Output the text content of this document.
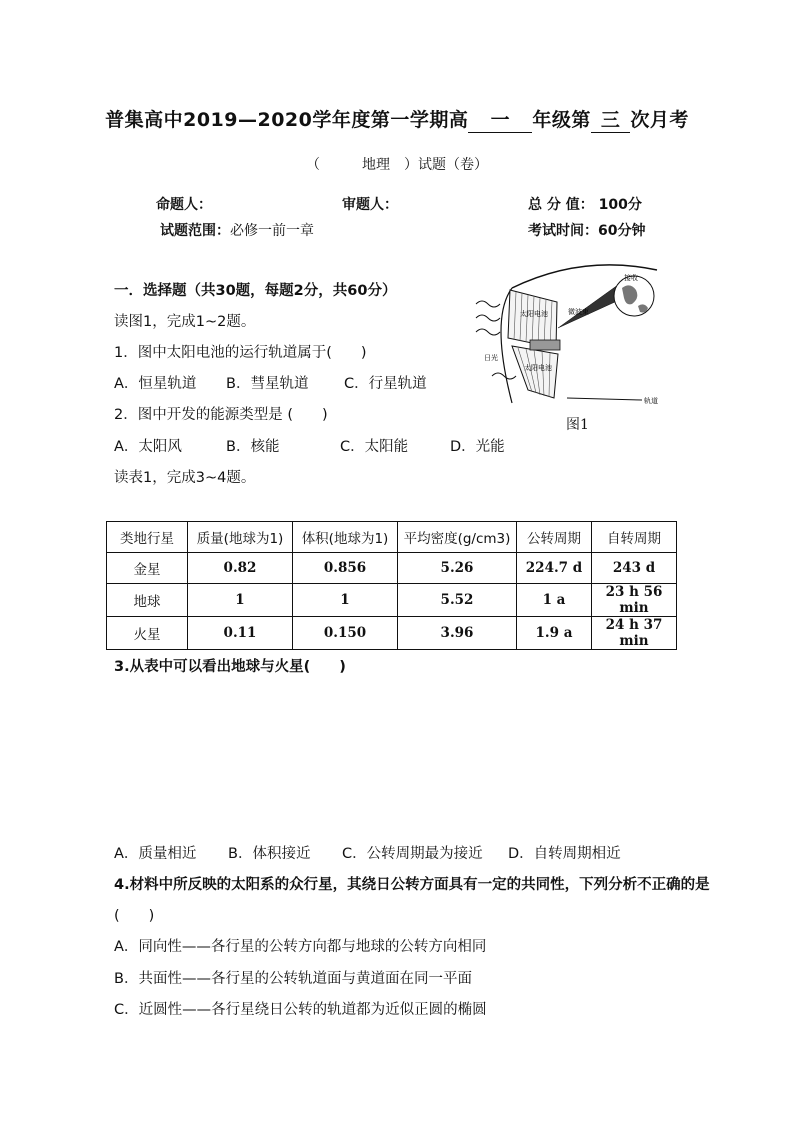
普集高中2019—2020学年度第一学期高 一 年级第 三 次月考
（　　　地理　）试题（卷）
命题人：	审题人：	总 分 值： 100分
试题范围：必修一前一章	考试时间：60分钟
一．选择题（共30题，每题2分，共60分）
读图1，完成1~2题。
1．图中太阳电池的运行轨道属于(　　)
A．恒星轨道 B．彗星轨道 C．行星轨道
2．图中开发的能源类型是 (　　)
A．太阳风	B．核能	C．太阳能	D．光能
读表1，完成3~4题。
太阳电池
太阳电池
微波束
接收
日光
轨道
图1
类地行星	质量(地球为1)	体积(地球为1)	平均密度(g/cm3)	公转周期	自转周期
金星	0.82	0.856	5.26	224.7 d	243 d
地球	1	1	5.52	1 a	23 h 56 min
火星	0.11	0.150	3.96	1.9 a	24 h 37 min
3.从表中可以看出地球与火星(　　)
A．质量相近 B．体积接近 C．公转周期最为接近 D．自转周期相近
4.材料中所反映的太阳系的众行星，其绕日公转方面具有一定的共同性，下列分析不正确的是
(　　)
A．同向性——各行星的公转方向都与地球的公转方向相同
B．共面性——各行星的公转轨道面与黄道面在同一平面
C．近圆性——各行星绕日公转的轨道都为近似正圆的椭圆
